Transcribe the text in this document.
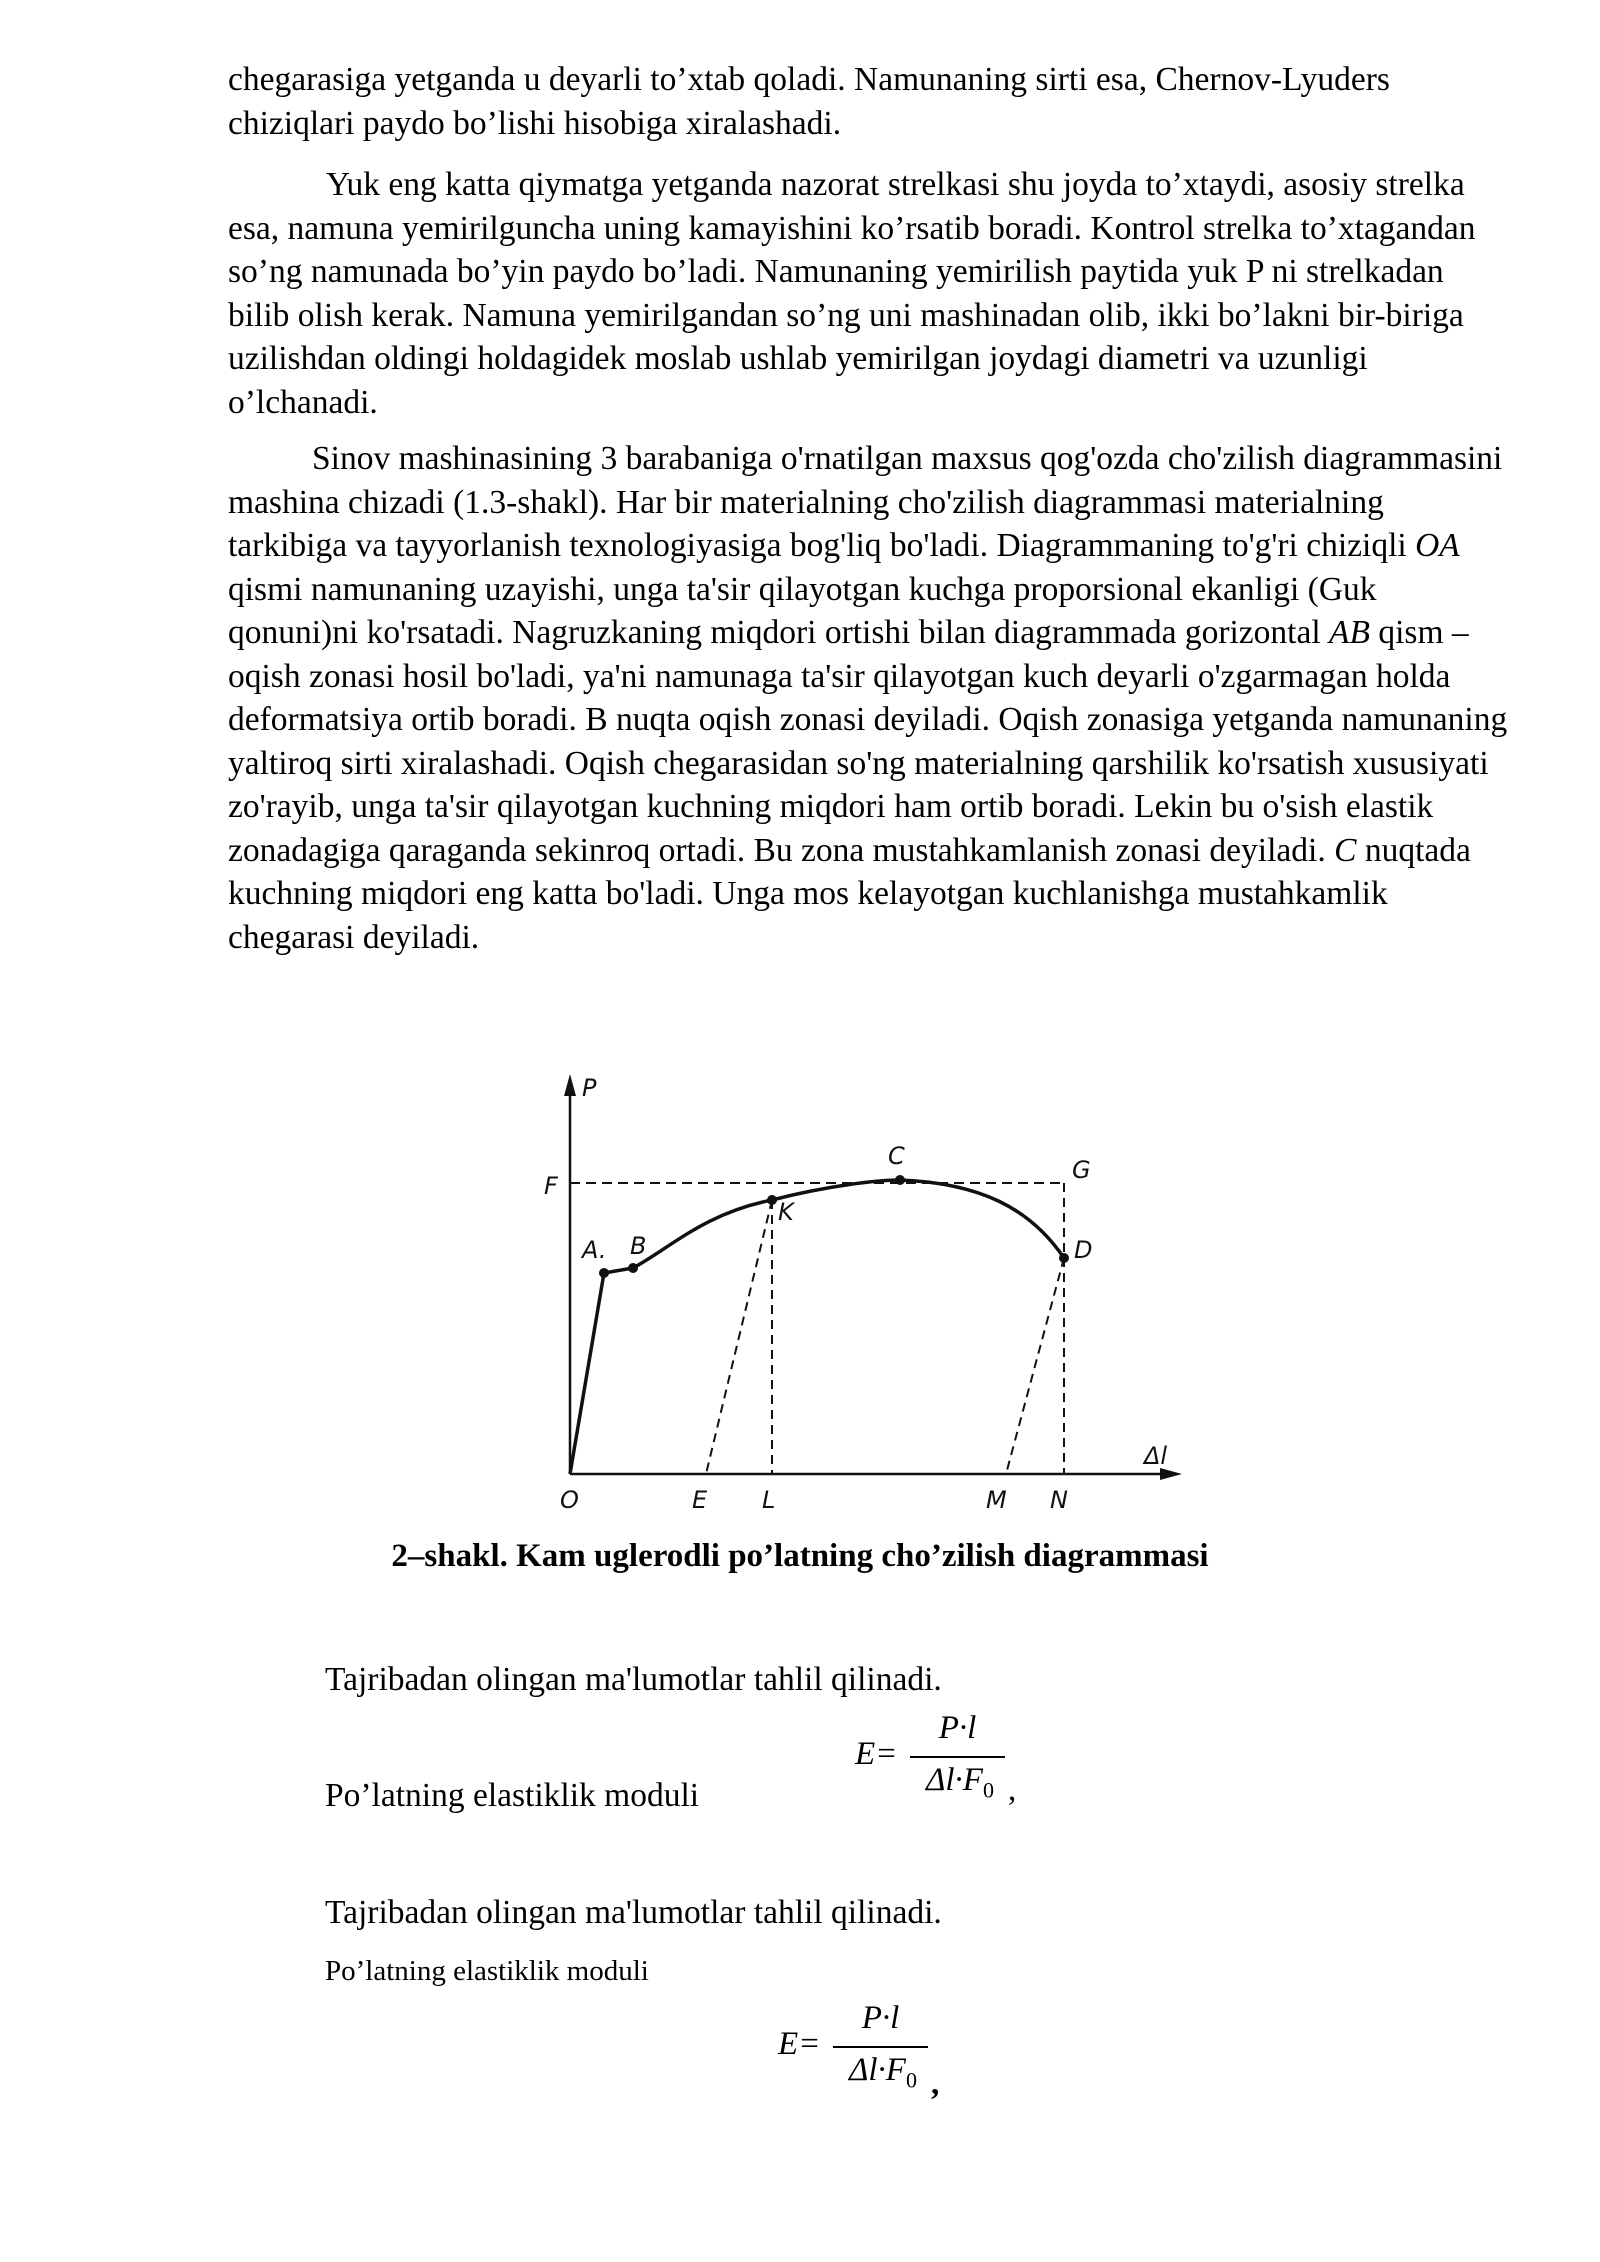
chegarasiga yetganda u deyarli to’xtab qoladi. Namunaning sirti esa, Chernov-Lyuders chiziqlari paydo bo’lishi hisobiga xiralashadi.

Yuk eng katta qiymatga yetganda nazorat strelkasi shu joyda to’xtaydi, asosiy strelka esa, namuna yemirilguncha uning kamayishini ko’rsatib boradi. Kontrol strelka to’xtagandan so’ng namunada bo’yin paydo bo’ladi. Namunaning yemirilish paytida yuk P ni strelkadan bilib olish kerak. Namuna yemirilgandan so’ng uni mashinadan olib, ikki bo’lakni bir-biriga uzilishdan oldingi holdagidek moslab ushlab yemirilgan joydagi diametri va uzunligi o’lchanadi.

Sinov mashinasining 3 barabaniga o'rnatilgan maxsus qog'ozda cho'zilish diagrammasini mashina chizadi (1.3-shakl). Har bir materialning cho'zilish diagrammasi materialning tarkibiga va tayyorlanish texnologiyasiga bog'liq bo'ladi. Diagrammaning to'g'ri chiziqli OA qismi namunaning uzayishi, unga ta'sir qilayotgan kuchga proporsional ekanligi (Guk qonuni)ni ko'rsatadi. Nagruzkaning miqdori ortishi bilan diagrammada gorizontal AB qism – oqish zonasi hosil bo'ladi, ya'ni namunaga ta'sir qilayotgan kuch deyarli o'zgarmagan holda deformatsiya ortib boradi. B nuqta oqish zonasi deyiladi. Oqish zonasiga yetganda namunaning yaltiroq sirti xiralashadi. Oqish chegarasidan so'ng materialning qarshilik ko'rsatish xususiyati zo'rayib, unga ta'sir qilayotgan kuchning miqdori ham ortib boradi. Lekin bu o'sish elastik zonadagiga qaraganda sekinroq ortadi. Bu zona mustahkamlanish zonasi deyiladi. C nuqtada kuchning miqdori eng katta bo'ladi. Unga mos kelayotgan kuchlanishga mustahkamlik chegarasi deyiladi.

P
F
A. B
C	G
K
D
O	E L	M N
Δl
2–shakl. Kam uglerodli po’latning cho’zilish diagrammasi
Tajribadan olingan ma'lumotlar tahlil qilinadi.
Po’latning elastiklik moduli
E=
P·l
$\Delta l\cdot F_0$ ,
Tajribadan olingan ma'lumotlar tahlil qilinadi.
Po’latning elastiklik moduli
E=
P·l
$\Delta l\cdot F_0$ ,
